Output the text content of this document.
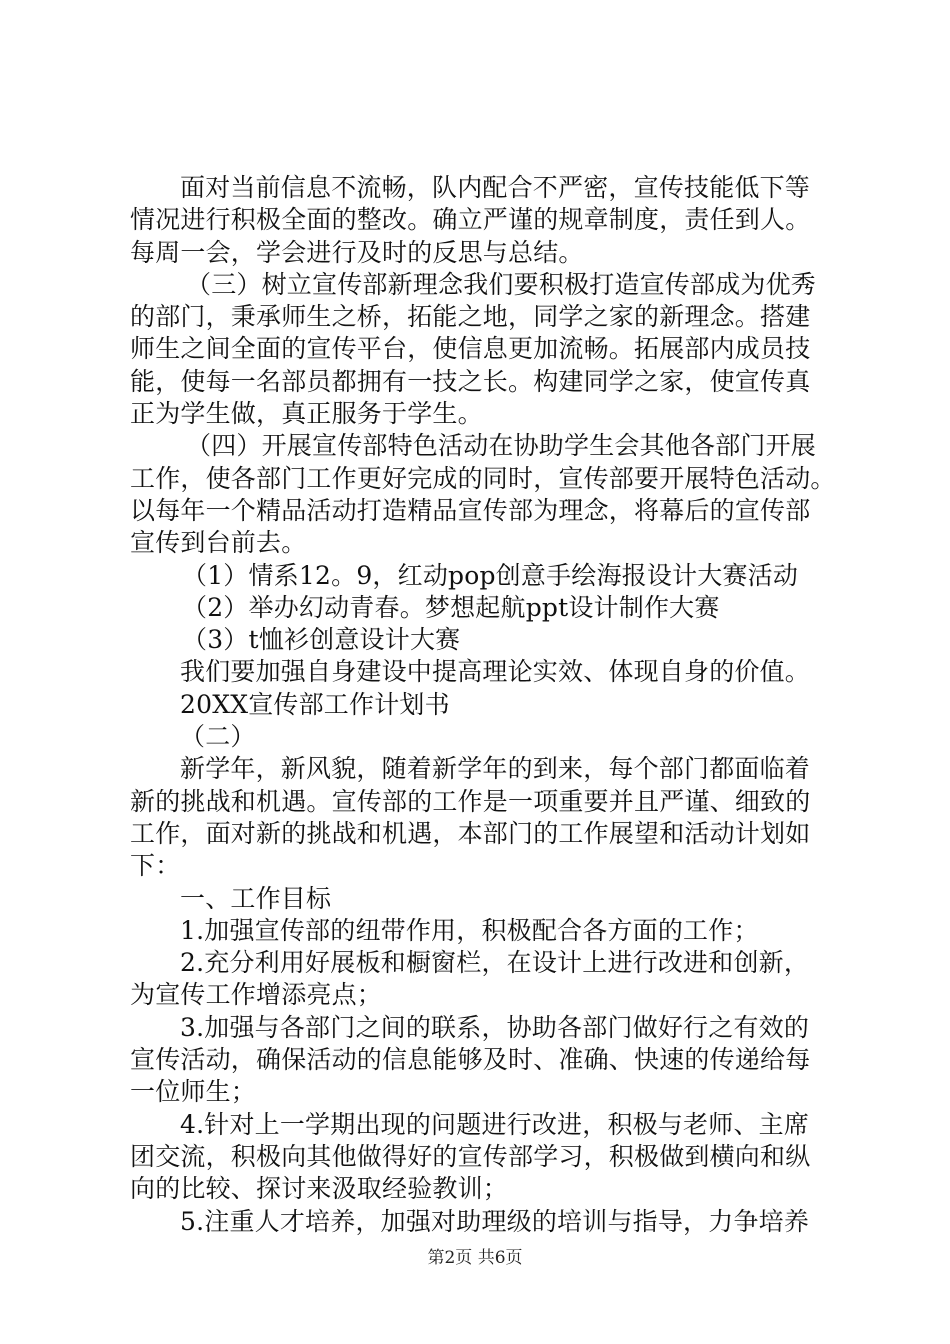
面对当前信息不流畅，队内配合不严密，宣传技能低下等
情况进行积极全面的整改。确立严谨的规章制度，责任到人。
每周一会，学会进行及时的反思与总结。
（三）树立宣传部新理念我们要积极打造宣传部成为优秀
的部门，秉承师生之桥，拓能之地，同学之家的新理念。搭建
师生之间全面的宣传平台，使信息更加流畅。拓展部内成员技
能，使每一名部员都拥有一技之长。构建同学之家，使宣传真
正为学生做，真正服务于学生。
（四）开展宣传部特色活动在协助学生会其他各部门开展
工作，使各部门工作更好完成的同时，宣传部要开展特色活动。
以每年一个精品活动打造精品宣传部为理念，将幕后的宣传部
宣传到台前去。
（1）情系12。9，红动pop创意手绘海报设计大赛活动
（2）举办幻动青春。梦想起航ppt设计制作大赛
（3）t恤衫创意设计大赛
我们要加强自身建设中提高理论实效、体现自身的价值。
20XX宣传部工作计划书
（二）
新学年，新风貌，随着新学年的到来，每个部门都面临着
新的挑战和机遇。宣传部的工作是一项重要并且严谨、细致的
工作，面对新的挑战和机遇，本部门的工作展望和活动计划如
下：
一、工作目标
1.加强宣传部的纽带作用，积极配合各方面的工作；
2.充分利用好展板和橱窗栏，在设计上进行改进和创新，
为宣传工作增添亮点；
3.加强与各部门之间的联系，协助各部门做好行之有效的
宣传活动，确保活动的信息能够及时、准确、快速的传递给每
一位师生；
4.针对上一学期出现的问题进行改进，积极与老师、主席
团交流，积极向其他做得好的宣传部学习，积极做到横向和纵
向的比较、探讨来汲取经验教训；
5.注重人才培养，加强对助理级的培训与指导，力争培养
第2页 共6页
